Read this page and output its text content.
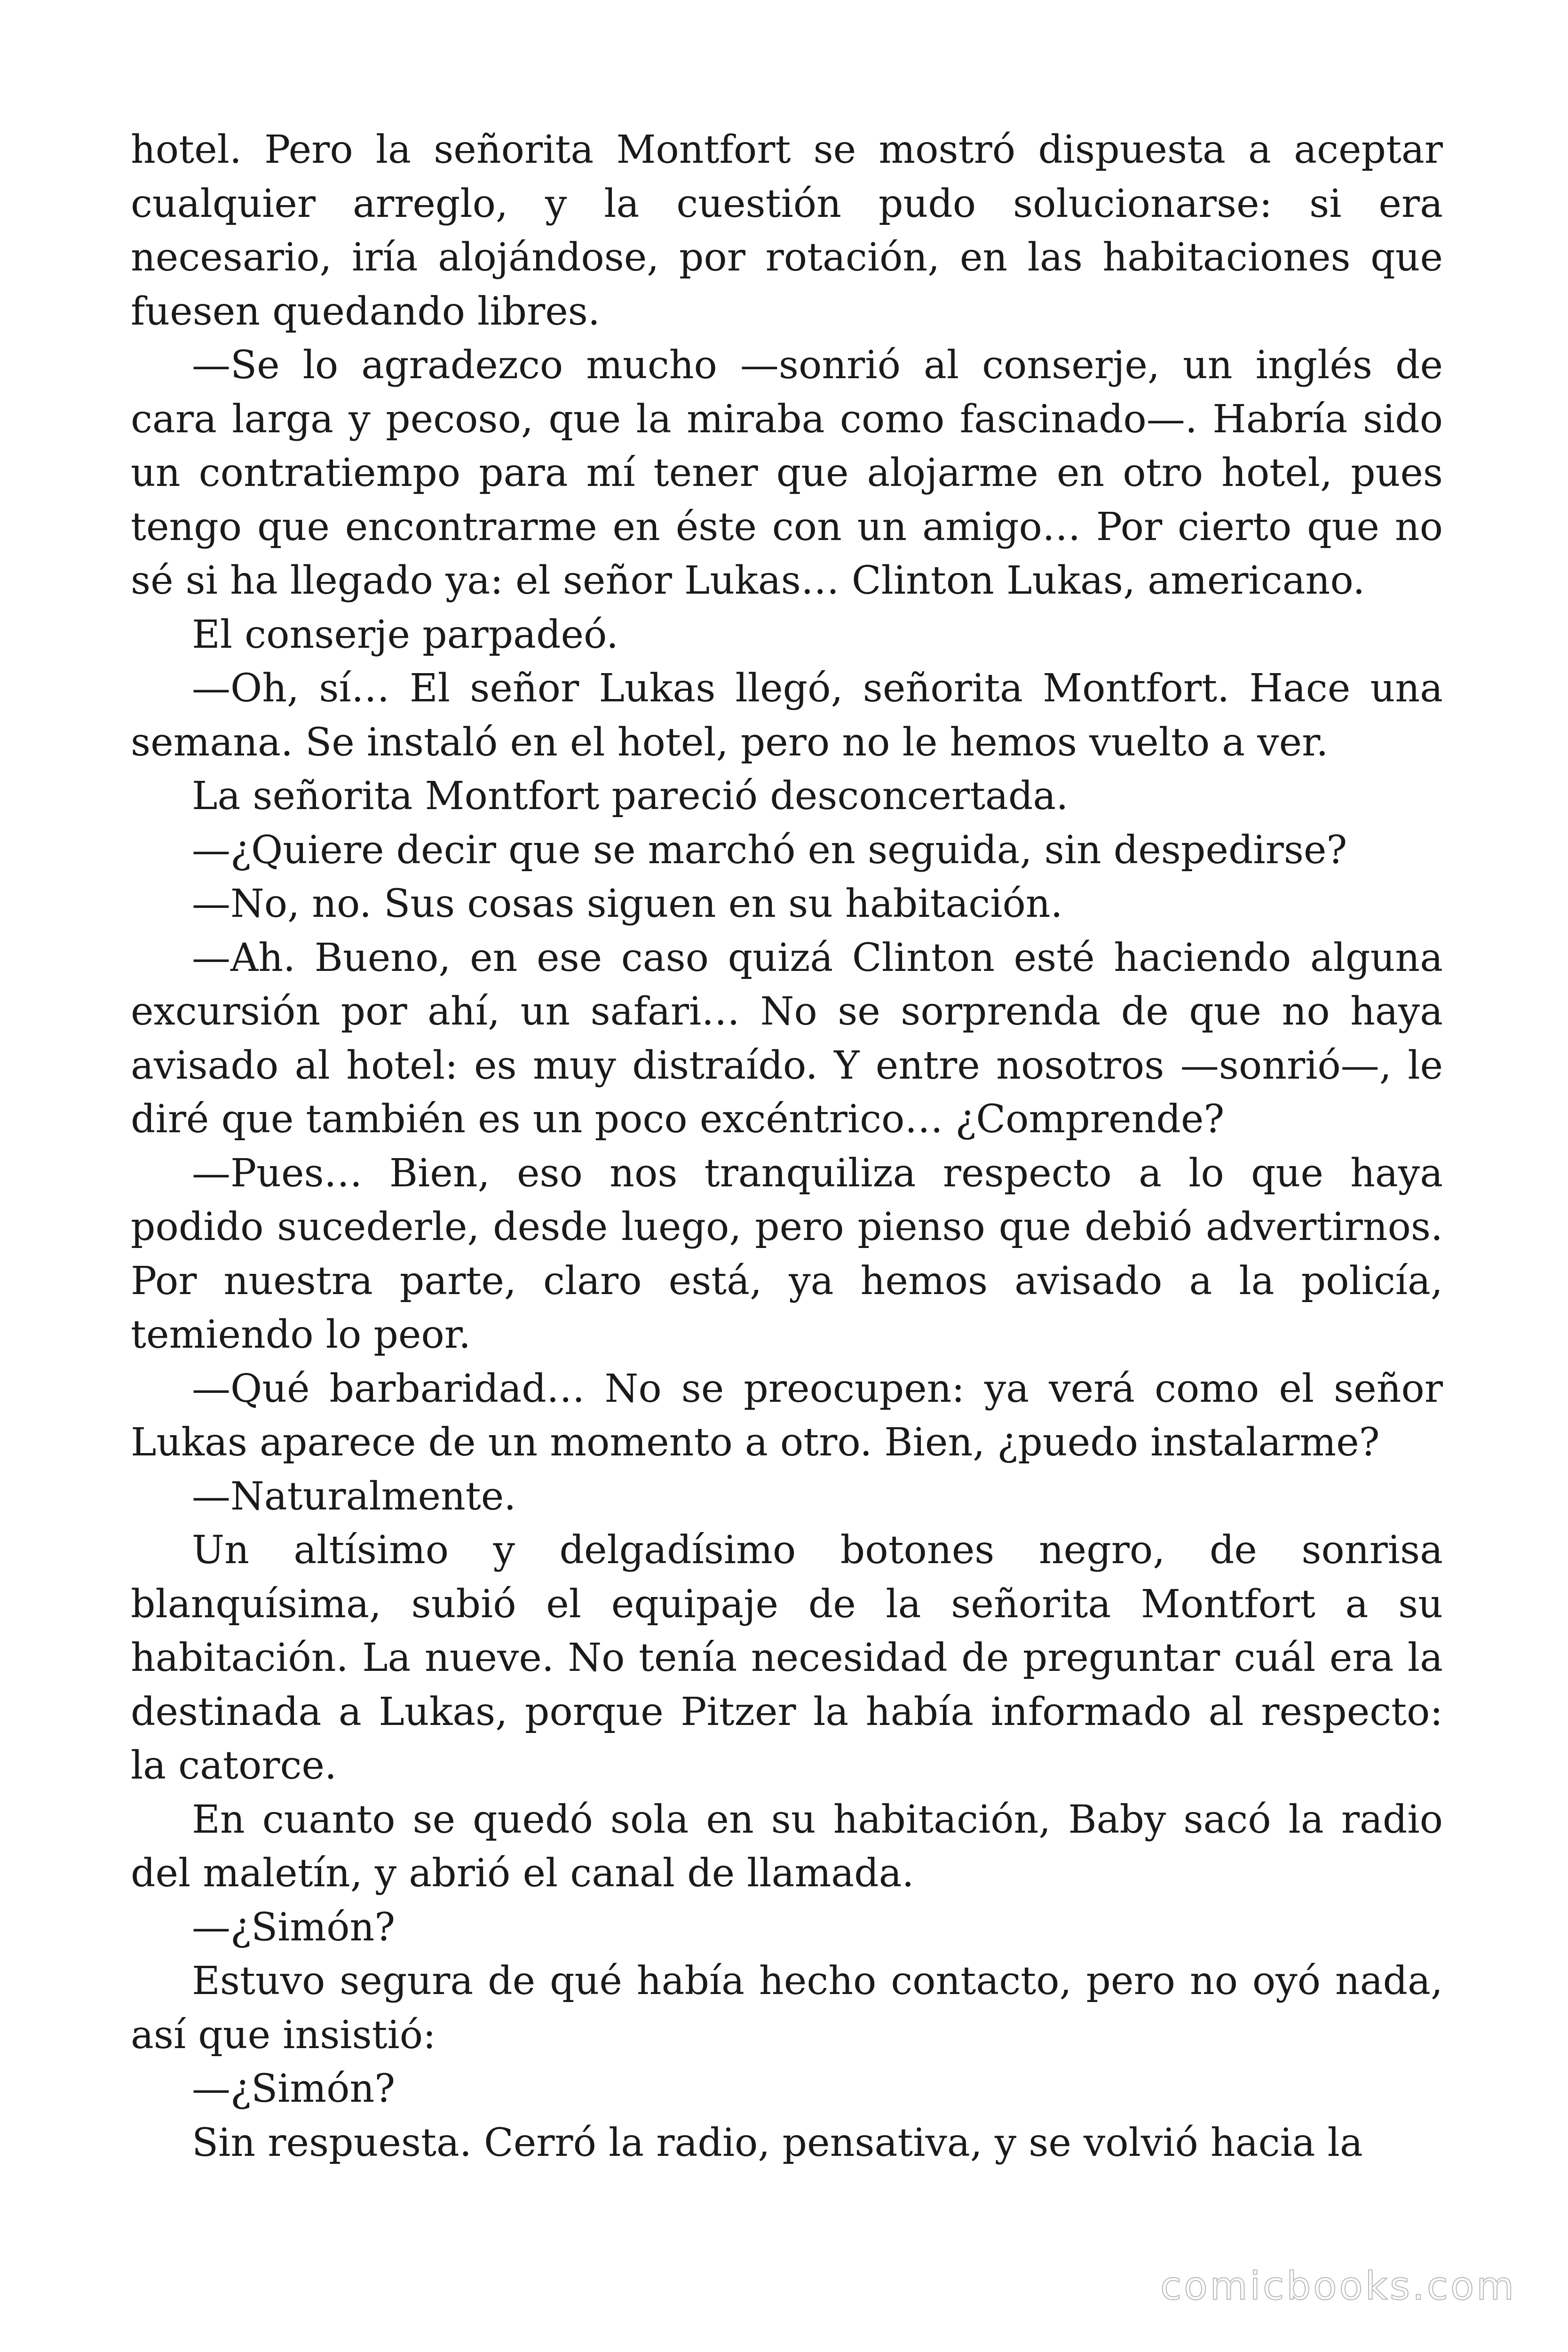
hotel. Pero la señorita Montfort se mostró dispuesta a aceptar cualquier arreglo, y la cuestión pudo solucionarse: si era necesario, iría alojándose, por rotación, en las habitaciones que fuesen quedando libres.

—Se lo agradezco mucho —sonrió al conserje, un inglés de cara larga y pecoso, que la miraba como fascinado—. Habría sido un contratiempo para mí tener que alojarme en otro hotel, pues tengo que encontrarme en éste con un amigo… Por cierto que no sé si ha llegado ya: el señor Lukas… Clinton Lukas, americano.

El conserje parpadeó.

—Oh, sí… El señor Lukas llegó, señorita Montfort. Hace una semana. Se instaló en el hotel, pero no le hemos vuelto a ver.

La señorita Montfort pareció desconcertada.

—¿Quiere decir que se marchó en seguida, sin despedirse?

—No, no. Sus cosas siguen en su habitación.

—Ah. Bueno, en ese caso quizá Clinton esté haciendo alguna excursión por ahí, un safari… No se sorprenda de que no haya avisado al hotel: es muy distraído. Y entre nosotros —sonrió—, le diré que también es un poco excéntrico… ¿Comprende?

—Pues… Bien, eso nos tranquiliza respecto a lo que haya podido sucederle, desde luego, pero pienso que debió advertirnos. Por nuestra parte, claro está, ya hemos avisado a la policía, temiendo lo peor.

—Qué barbaridad… No se preocupen: ya verá como el señor Lukas aparece de un momento a otro. Bien, ¿puedo instalarme?

—Naturalmente.

Un altísimo y delgadísimo botones negro, de sonrisa blanquísima, subió el equipaje de la señorita Montfort a su habitación. La nueve. No tenía necesidad de preguntar cuál era la destinada a Lukas, porque Pitzer la había informado al respecto: la catorce.

En cuanto se quedó sola en su habitación, Baby sacó la radio del maletín, y abrió el canal de llamada.

—¿Simón?

Estuvo segura de qué había hecho contacto, pero no oyó nada, así que insistió:

—¿Simón?

Sin respuesta. Cerró la radio, pensativa, y se volvió hacia la

comicbooks.com
